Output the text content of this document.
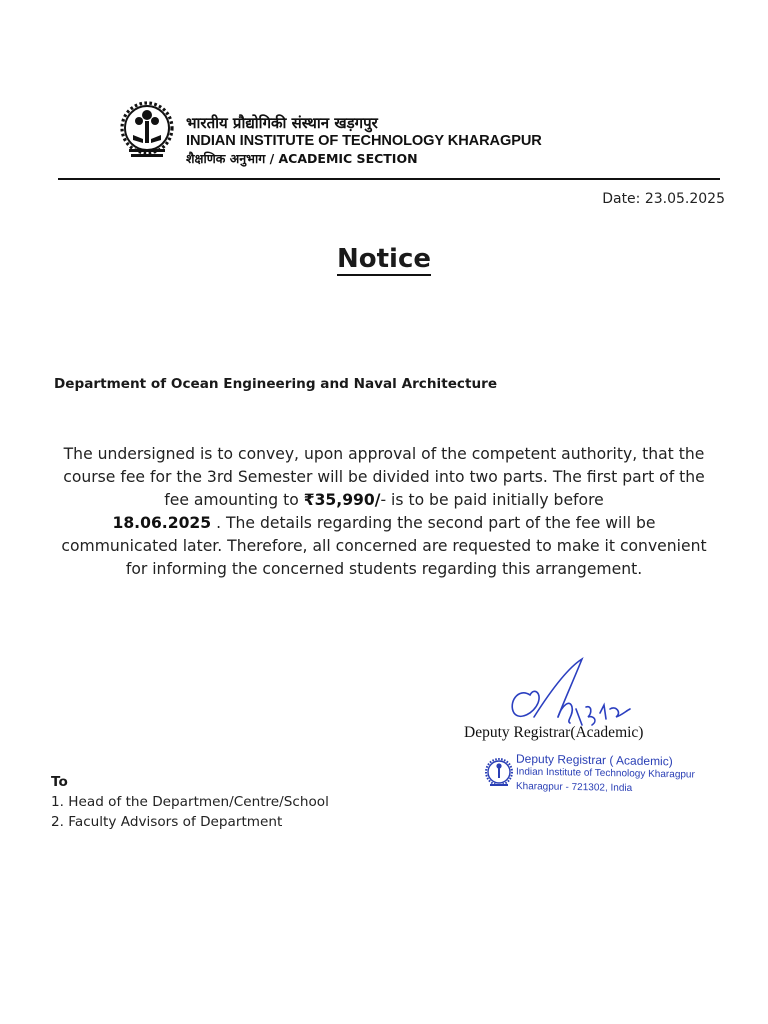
भारतीय प्रौद्योगिकी संस्थान खड़गपुर
INDIAN INSTITUTE OF TECHNOLOGY KHARAGPUR
शैक्षणिक अनुभाग / ACADEMIC SECTION
Date: 23.05.2025
Notice
Department of Ocean Engineering and Naval Architecture
The undersigned is to convey, upon approval of the competent authority, that the course fee for the 3rd Semester will be divided into two parts. The first part of the fee amounting to ₹35,990/- is to be paid initially before
18.06.2025 . The details regarding the second part of the fee will be communicated later. Therefore, all concerned are requested to make it convenient for informing the concerned students regarding this arrangement.
Deputy Registrar(Academic)
Deputy Registrar ( Academic)
Indian Institute of Technology Kharagpur
Kharagpur - 721302, India
To
1. Head of the Departmen/Centre/School
2. Faculty Advisors of Department
